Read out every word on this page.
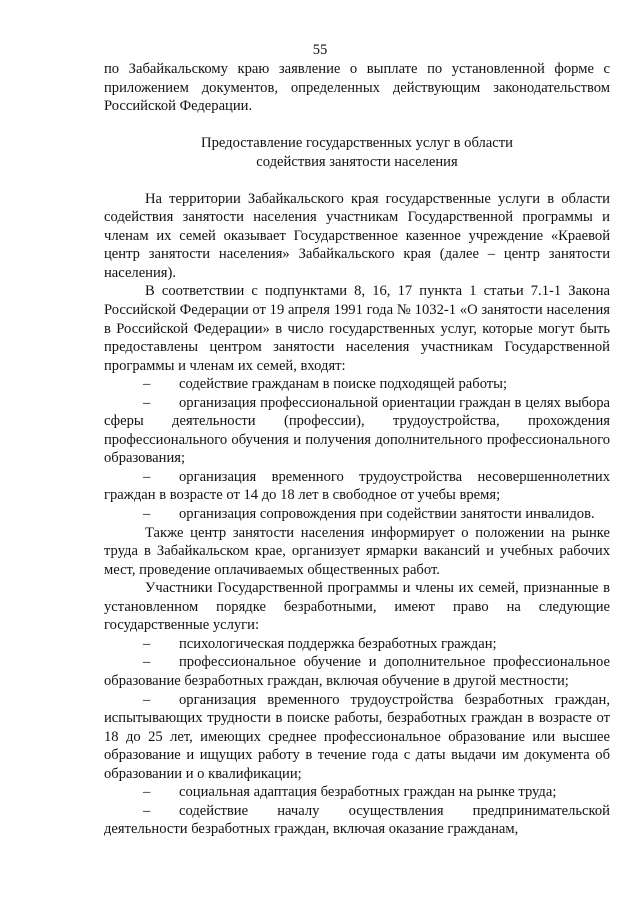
55

по Забайкальскому краю заявление о выплате по установленной форме с приложением документов, определенных действующим законодательством Российской Федерации.

Предоставление государственных услуг в области

содействия занятости населения

На территории Забайкальского края государственные услуги в области содействия занятости населения участникам Государственной программы и членам их семей оказывает Государственное казенное учреждение «Краевой центр занятости населения» Забайкальского края (далее – центр занятости населения).

В соответствии с подпунктами 8, 16, 17 пункта 1 статьи 7.1-1 Закона Российской Федерации от 19 апреля 1991 года № 1032-1 «О занятости населения в Российской Федерации» в число государственных услуг, которые могут быть предоставлены центром занятости населения участникам Государственной программы и членам их семей, входят:

– содействие гражданам в поиске подходящей работы;

– организация профессиональной ориентации граждан в целях выбора сферы деятельности (профессии), трудоустройства, прохождения профессионального обучения и получения дополнительного профессионального образования;

– организация временного трудоустройства несовершеннолетних граждан в возрасте от 14 до 18 лет в свободное от учебы время;

– организация сопровождения при содействии занятости инвалидов.

Также центр занятости населения информирует о положении на рынке труда в Забайкальском крае, организует ярмарки вакансий и учебных рабочих мест, проведение оплачиваемых общественных работ.

Участники Государственной программы и члены их семей, признанные в установленном порядке безработными, имеют право на следующие государственные услуги:

– психологическая поддержка безработных граждан;

– профессиональное обучение и дополнительное профессиональное образование безработных граждан, включая обучение в другой местности;

– организация временного трудоустройства безработных граждан, испытывающих трудности в поиске работы, безработных граждан в возрасте от 18 до 25 лет, имеющих среднее профессиональное образование или высшее образование и ищущих работу в течение года с даты выдачи им документа об образовании и о квалификации;

– социальная адаптация безработных граждан на рынке труда;

– содействие началу осуществления предпринимательской деятельности безработных граждан, включая оказание гражданам,
